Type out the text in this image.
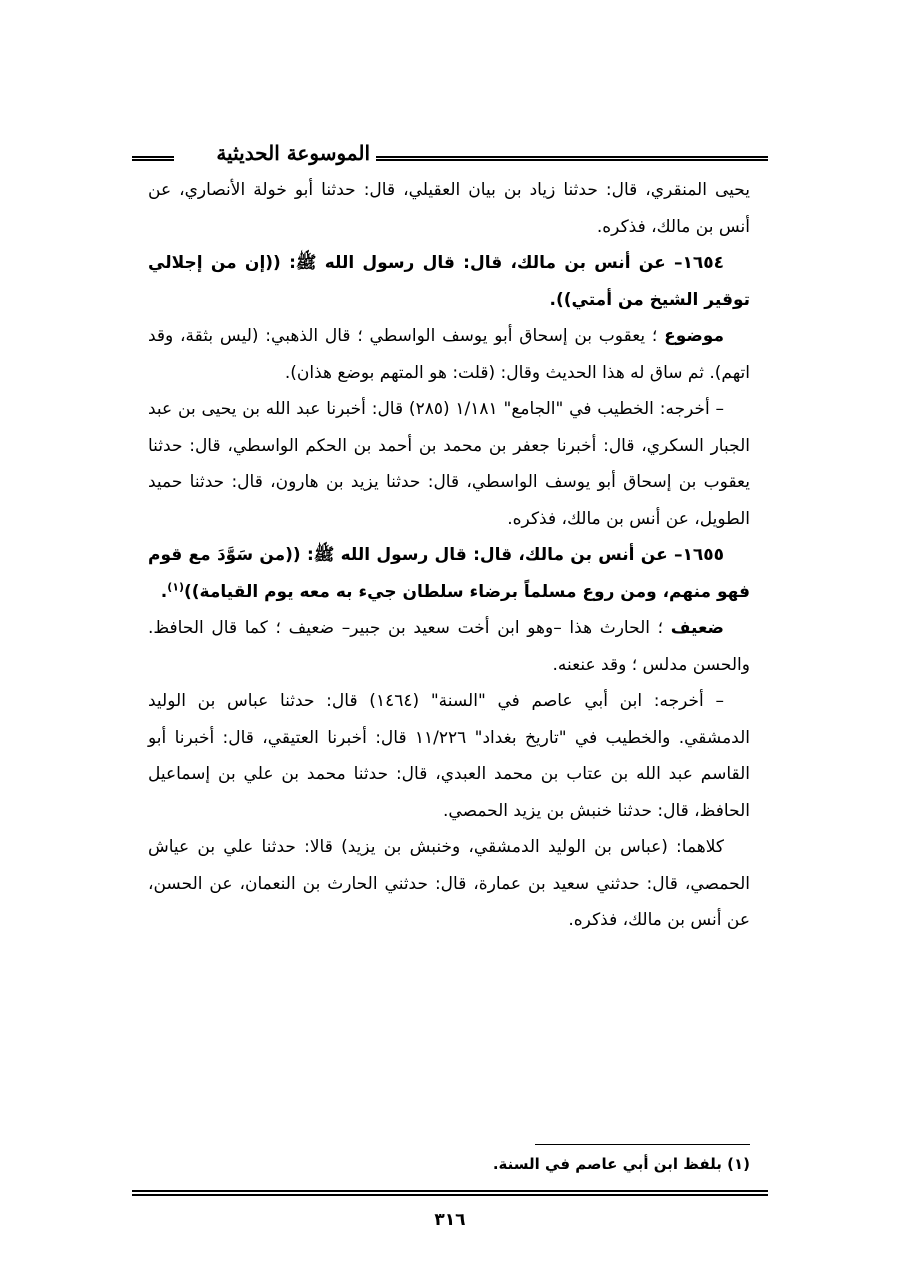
الموسوعة الحديثية

يحيى المنقري، قال: حدثنا زياد بن بيان العقيلي، قال: حدثنا أبو خولة الأنصاري، عن أنس بن مالك، فذكره.

١٦٥٤– عن أنس بن مالك، قال: قال رسول الله ﷺ: ((إن من إجلالي توقير الشيخ من أمتي)).

موضوع ؛ يعقوب بن إسحاق أبو يوسف الواسطي ؛ قال الذهبي: (ليس بثقة، وقد اتهم). ثم ساق له هذا الحديث وقال: (قلت: هو المتهم بوضع هذان).

– أخرجه: الخطيب في "الجامع" ١/١٨١ (٢٨٥) قال: أخبرنا عبد الله بن يحيى بن عبد الجبار السكري، قال: أخبرنا جعفر بن محمد بن أحمد بن الحكم الواسطي، قال: حدثنا يعقوب بن إسحاق أبو يوسف الواسطي، قال: حدثنا يزيد بن هارون، قال: حدثنا حميد الطويل، عن أنس بن مالك، فذكره.

١٦٥٥– عن أنس بن مالك، قال: قال رسول الله ﷺ: ((من سَوَّدَ مع قوم فهو منهم، ومن روع مسلماً برضاء سلطان جيء به معه يوم القيامة))$^{(١)}$.

ضعيف ؛ الحارث هذا –وهو ابن أخت سعيد بن جبير– ضعيف ؛ كما قال الحافظ. والحسن مدلس ؛ وقد عنعنه.

– أخرجه: ابن أبي عاصم في "السنة" (١٤٦٤) قال: حدثنا عباس بن الوليد الدمشقي. والخطيب في "تاريخ بغداد" ١١/٢٢٦ قال: أخبرنا العتيقي، قال: أخبرنا أبو القاسم عبد الله بن عتاب بن محمد العبدي، قال: حدثنا محمد بن علي بن إسماعيل الحافظ، قال: حدثنا خنبش بن يزيد الحمصي.

كلاهما: (عباس بن الوليد الدمشقي، وخنبش بن يزيد) قالا: حدثنا علي بن عياش الحمصي، قال: حدثني سعيد بن عمارة، قال: حدثني الحارث بن النعمان، عن الحسن، عن أنس بن مالك، فذكره.

(١) بلفظ ابن أبي عاصم في السنة.
٣١٦
